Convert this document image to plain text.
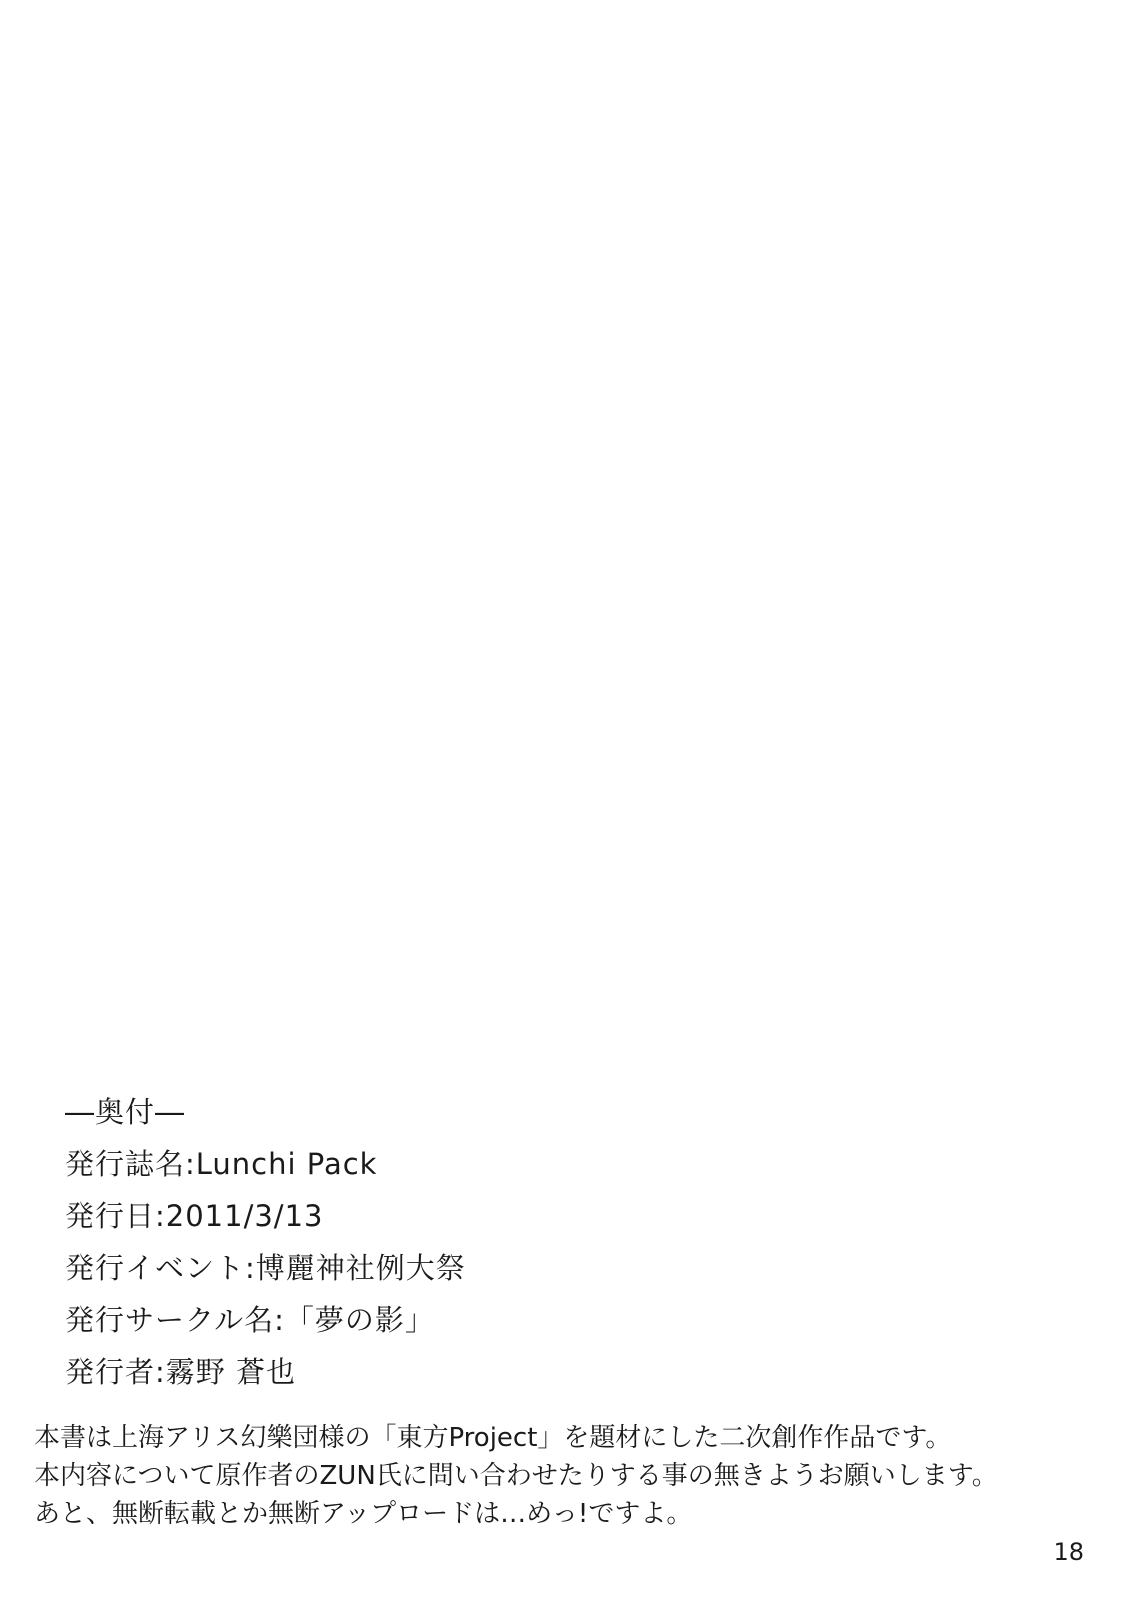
―奥付―
発行誌名:Lunchi Pack
発行日:2011/3/13
発行イベント:博麗神社例大祭
発行サークル名:「夢の影」
発行者:霧野 蒼也
本書は上海アリス幻樂団様の「東方Project」を題材にした二次創作作品です。
本内容について原作者のZUN氏に問い合わせたりする事の無きようお願いします。
あと、無断転載とか無断アップロードは…めっ!ですよ。
18
